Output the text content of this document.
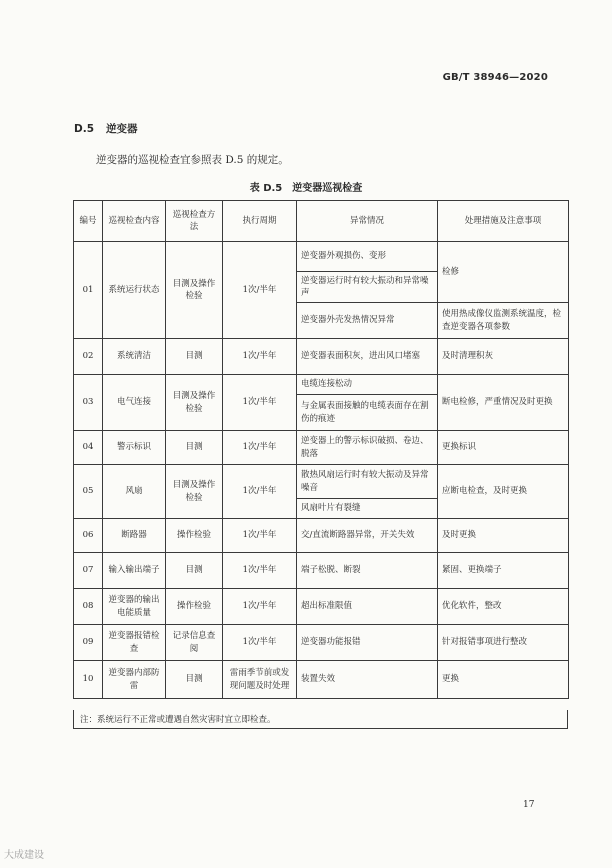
GB/T 38946—2020
D.5 逆变器
逆变器的巡视检查宜参照表 D.5 的规定。
表 D.5　逆变器巡视检查
编号	巡视检查内容	巡视检查方法	执行周期	异常情况	处理措施及注意事项
01	系统运行状态	目测及操作检验	1次/半年	逆变器外观损伤、变形	检修
				逆变器运行时有较大振动和异常噪声	
				逆变器外壳发热情况异常	使用热成像仪监测系统温度，检查逆变器各项参数
02	系统清洁	目测	1次/半年	逆变器表面积灰，进出风口堵塞	及时清理积灰
03	电气连接	目测及操作检验	1次/半年	电缆连接松动	断电检修，严重情况及时更换
				与金属表面接触的电缆表面存在割伤的痕迹	
04	警示标识	目测	1次/半年	逆变器上的警示标识破损、卷边、脱落	更换标识
05	风扇	目测及操作检验	1次/半年	散热风扇运行时有较大振动及异常噪音	应断电检查，及时更换
				风扇叶片有裂缝	
06	断路器	操作检验	1次/半年	交/直流断路器异常，开关失效	及时更换
07	输入输出端子	目测	1次/半年	端子松脱、断裂	紧固、更换端子
08	逆变器的输出电能质量	操作检验	1次/半年	超出标准限值	优化软件，整改
09	逆变器报错检查	记录信息查阅	1次/半年	逆变器功能报错	针对报错事项进行整改
10	逆变器内部防雷	目测	雷雨季节前或发现问题及时处理	装置失效	更换
注：系统运行不正常或遭遇自然灾害时宜立即检查。
17
大成建设
